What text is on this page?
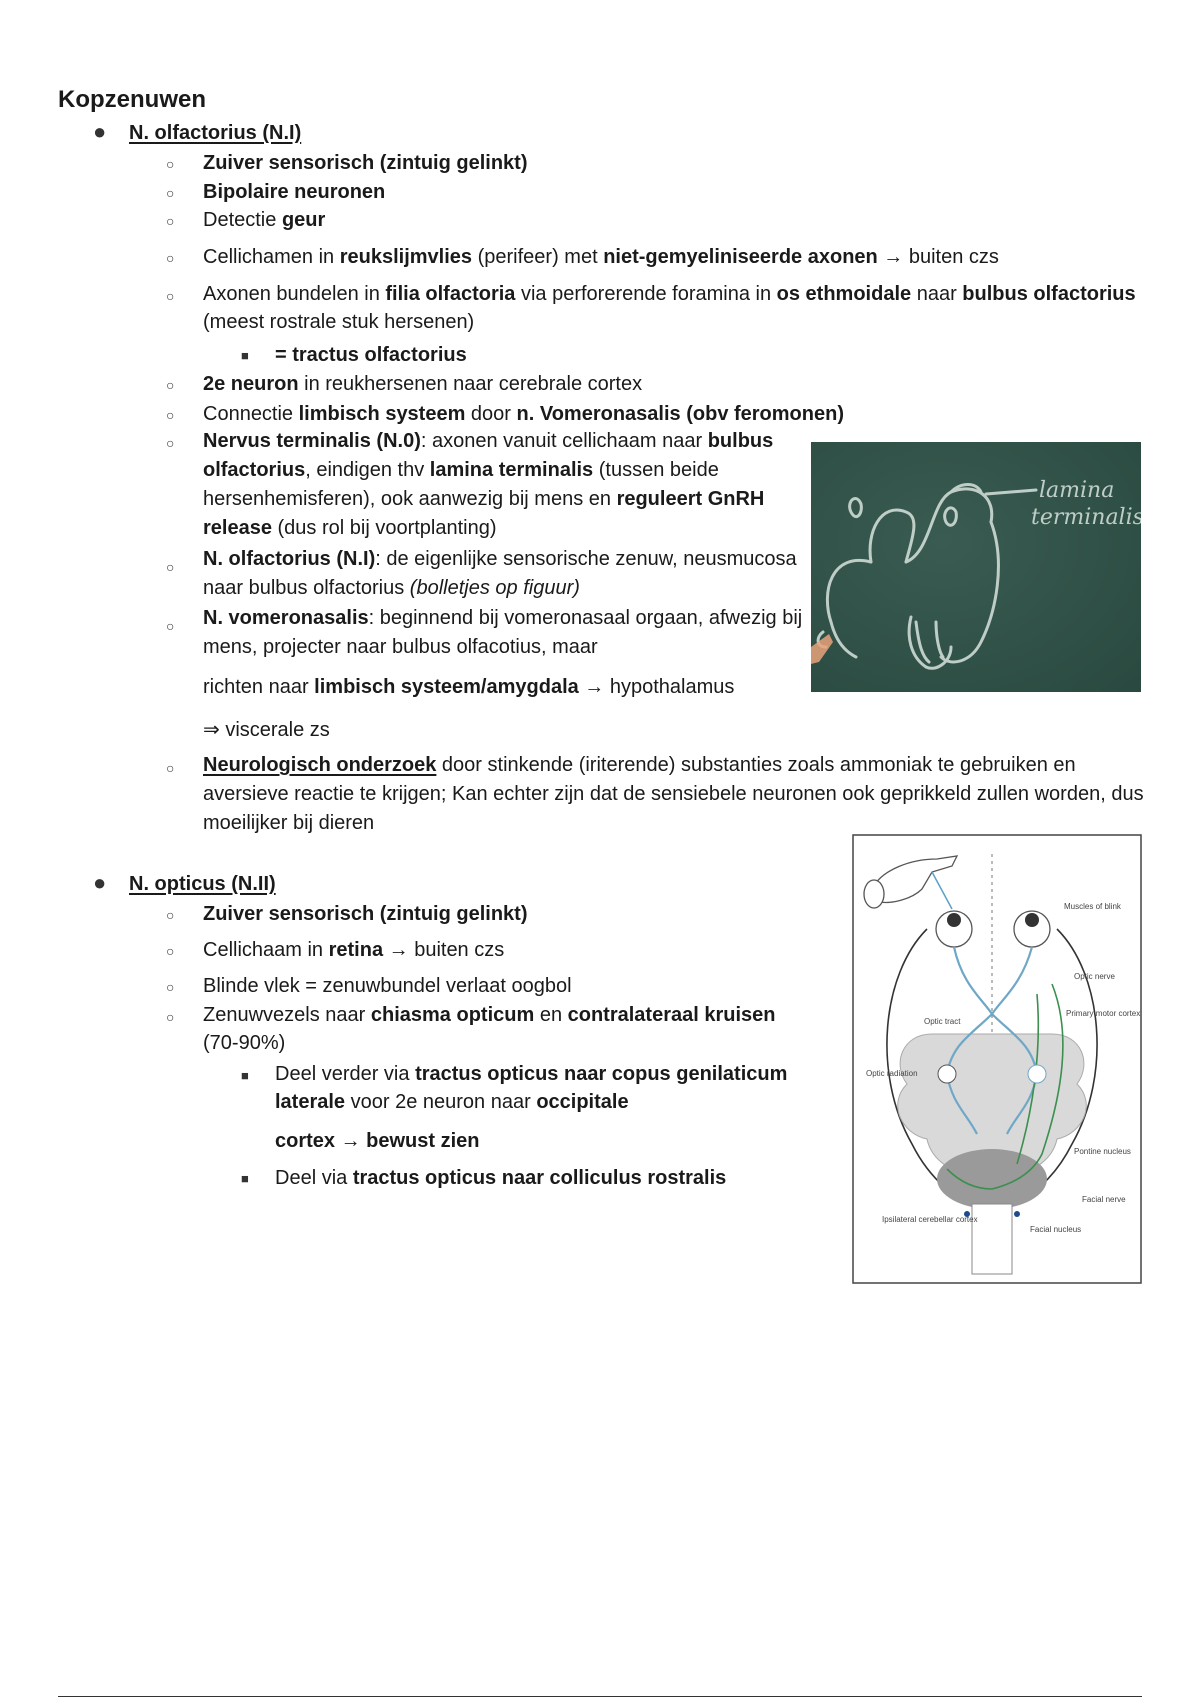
Kopzenuwen
● N. olfactorius (N.I)
○ Zuiver sensorisch (zintuig gelinkt)
○ Bipolaire neuronen
○ Detectie geur
○ Cellichamen in reukslijmvlies (perifeer) met niet-gemyeliniseerde axonen → buiten czs
○ Axonen bundelen in filia olfactoria via perforerende foramina in os ethmoidale naar bulbus olfactorius (meest rostrale stuk hersenen)
■ = tractus olfactorius
○ 2e neuron in reukhersenen naar cerebrale cortex
○ Connectie limbisch systeem door n. Vomeronasalis (obv feromonen)
○ Nervus terminalis (N.0): axonen vanuit cellichaam naar bulbus olfactorius, eindigen thv lamina terminalis (tussen beide hersenhemisferen), ook aanwezig bij mens en reguleert GnRH release (dus rol bij voortplanting)
○ N. olfactorius (N.I): de eigenlijke sensorische zenuw, neusmucosa naar bulbus olfactorius (bolletjes op figuur)
○ N. vomeronasalis: beginnend bij vomeronasaal orgaan, afwezig bij mens, projecter naar bulbus olfacotius, maar
richten naar limbisch systeem/amygdala → hypothalamus
⇒ viscerale zs
○ Neurologisch onderzoek door stinkende (iriterende) substanties zoals ammoniak te gebruiken en aversieve reactie te krijgen; Kan echter zijn dat de sensiebele neuronen ook geprikkeld zullen worden, dus moeilijker bij dieren
lamina
terminalis
● N. opticus (N.II)
○ Zuiver sensorisch (zintuig gelinkt)
○ Cellichaam in retina → buiten czs
○ Blinde vlek = zenuwbundel verlaat oogbol
○ Zenuwvezels naar chiasma opticum en contralateraal kruisen (70-90%)
■ Deel verder via tractus opticus naar copus genilaticum laterale voor 2e neuron naar occipitale
cortex → bewust zien
■ Deel via tractus opticus naar colliculus rostralis
Muscles of blink
Optic nerve
Primary motor cortex
Optic tract
Optic radiation
Pontine nucleus
Facial nerve
Ipsilateral cerebellar cortex
Facial nucleus
